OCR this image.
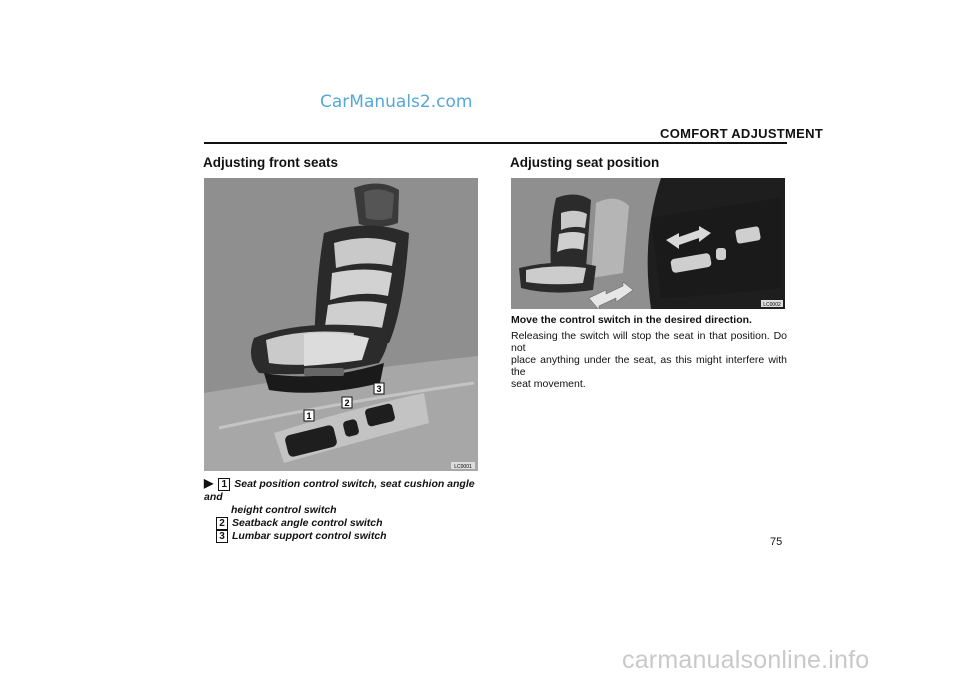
CarManuals2.com
COMFORT ADJUSTMENT
Adjusting front seats	Adjusting seat position
1
2
3
LC0001
▶ 1 Seat position control switch, seat cushion angle and
height control switch
2 Seatback angle control switch
3 Lumbar support control switch
LC0002
Move the control switch in the desired direction.
Releasing the switch will stop the seat in that position. Do not
place anything under the seat, as this might interfere with the
seat movement.
75
carmanualsonline.info
